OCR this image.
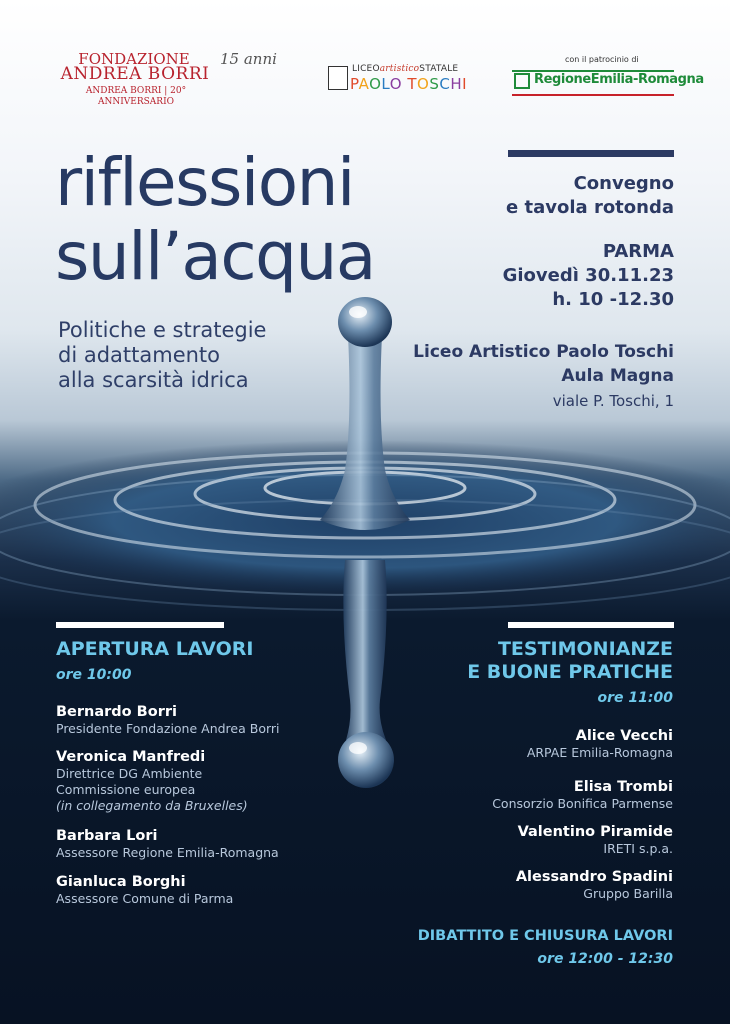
FONDAZIONE
ANDREA BORRI
ANDREA BORRI | 20° ANNIVERSARIO
15 anni
LICEOartisticoSTATALE
PAOLO TOSCHI
con il patrocinio di
RegioneEmilia-Romagna
riflessioni
sull’acqua
Politiche e strategie
di adattamento
alla scarsità idrica
Convegno
e tavola rotonda
PARMA
Giovedì 30.11.23
h. 10 -12.30
Liceo Artistico Paolo Toschi
Aula Magna
viale P. Toschi, 1
APERTURA LAVORI
ore 10:00
Bernardo Borri
Presidente Fondazione Andrea Borri
Veronica Manfredi
Direttrice DG Ambiente
Commissione europea
(in collegamento da Bruxelles)
Barbara Lori
Assessore Regione Emilia-Romagna
Gianluca Borghi
Assessore Comune di Parma
TESTIMONIANZE
E BUONE PRATICHE
ore 11:00
Alice Vecchi
ARPAE Emilia-Romagna
Elisa Trombi
Consorzio Bonifica Parmense
Valentino Piramide
IRETI s.p.a.
Alessandro Spadini
Gruppo Barilla
DIBATTITO E CHIUSURA LAVORI
ore 12:00 - 12:30
